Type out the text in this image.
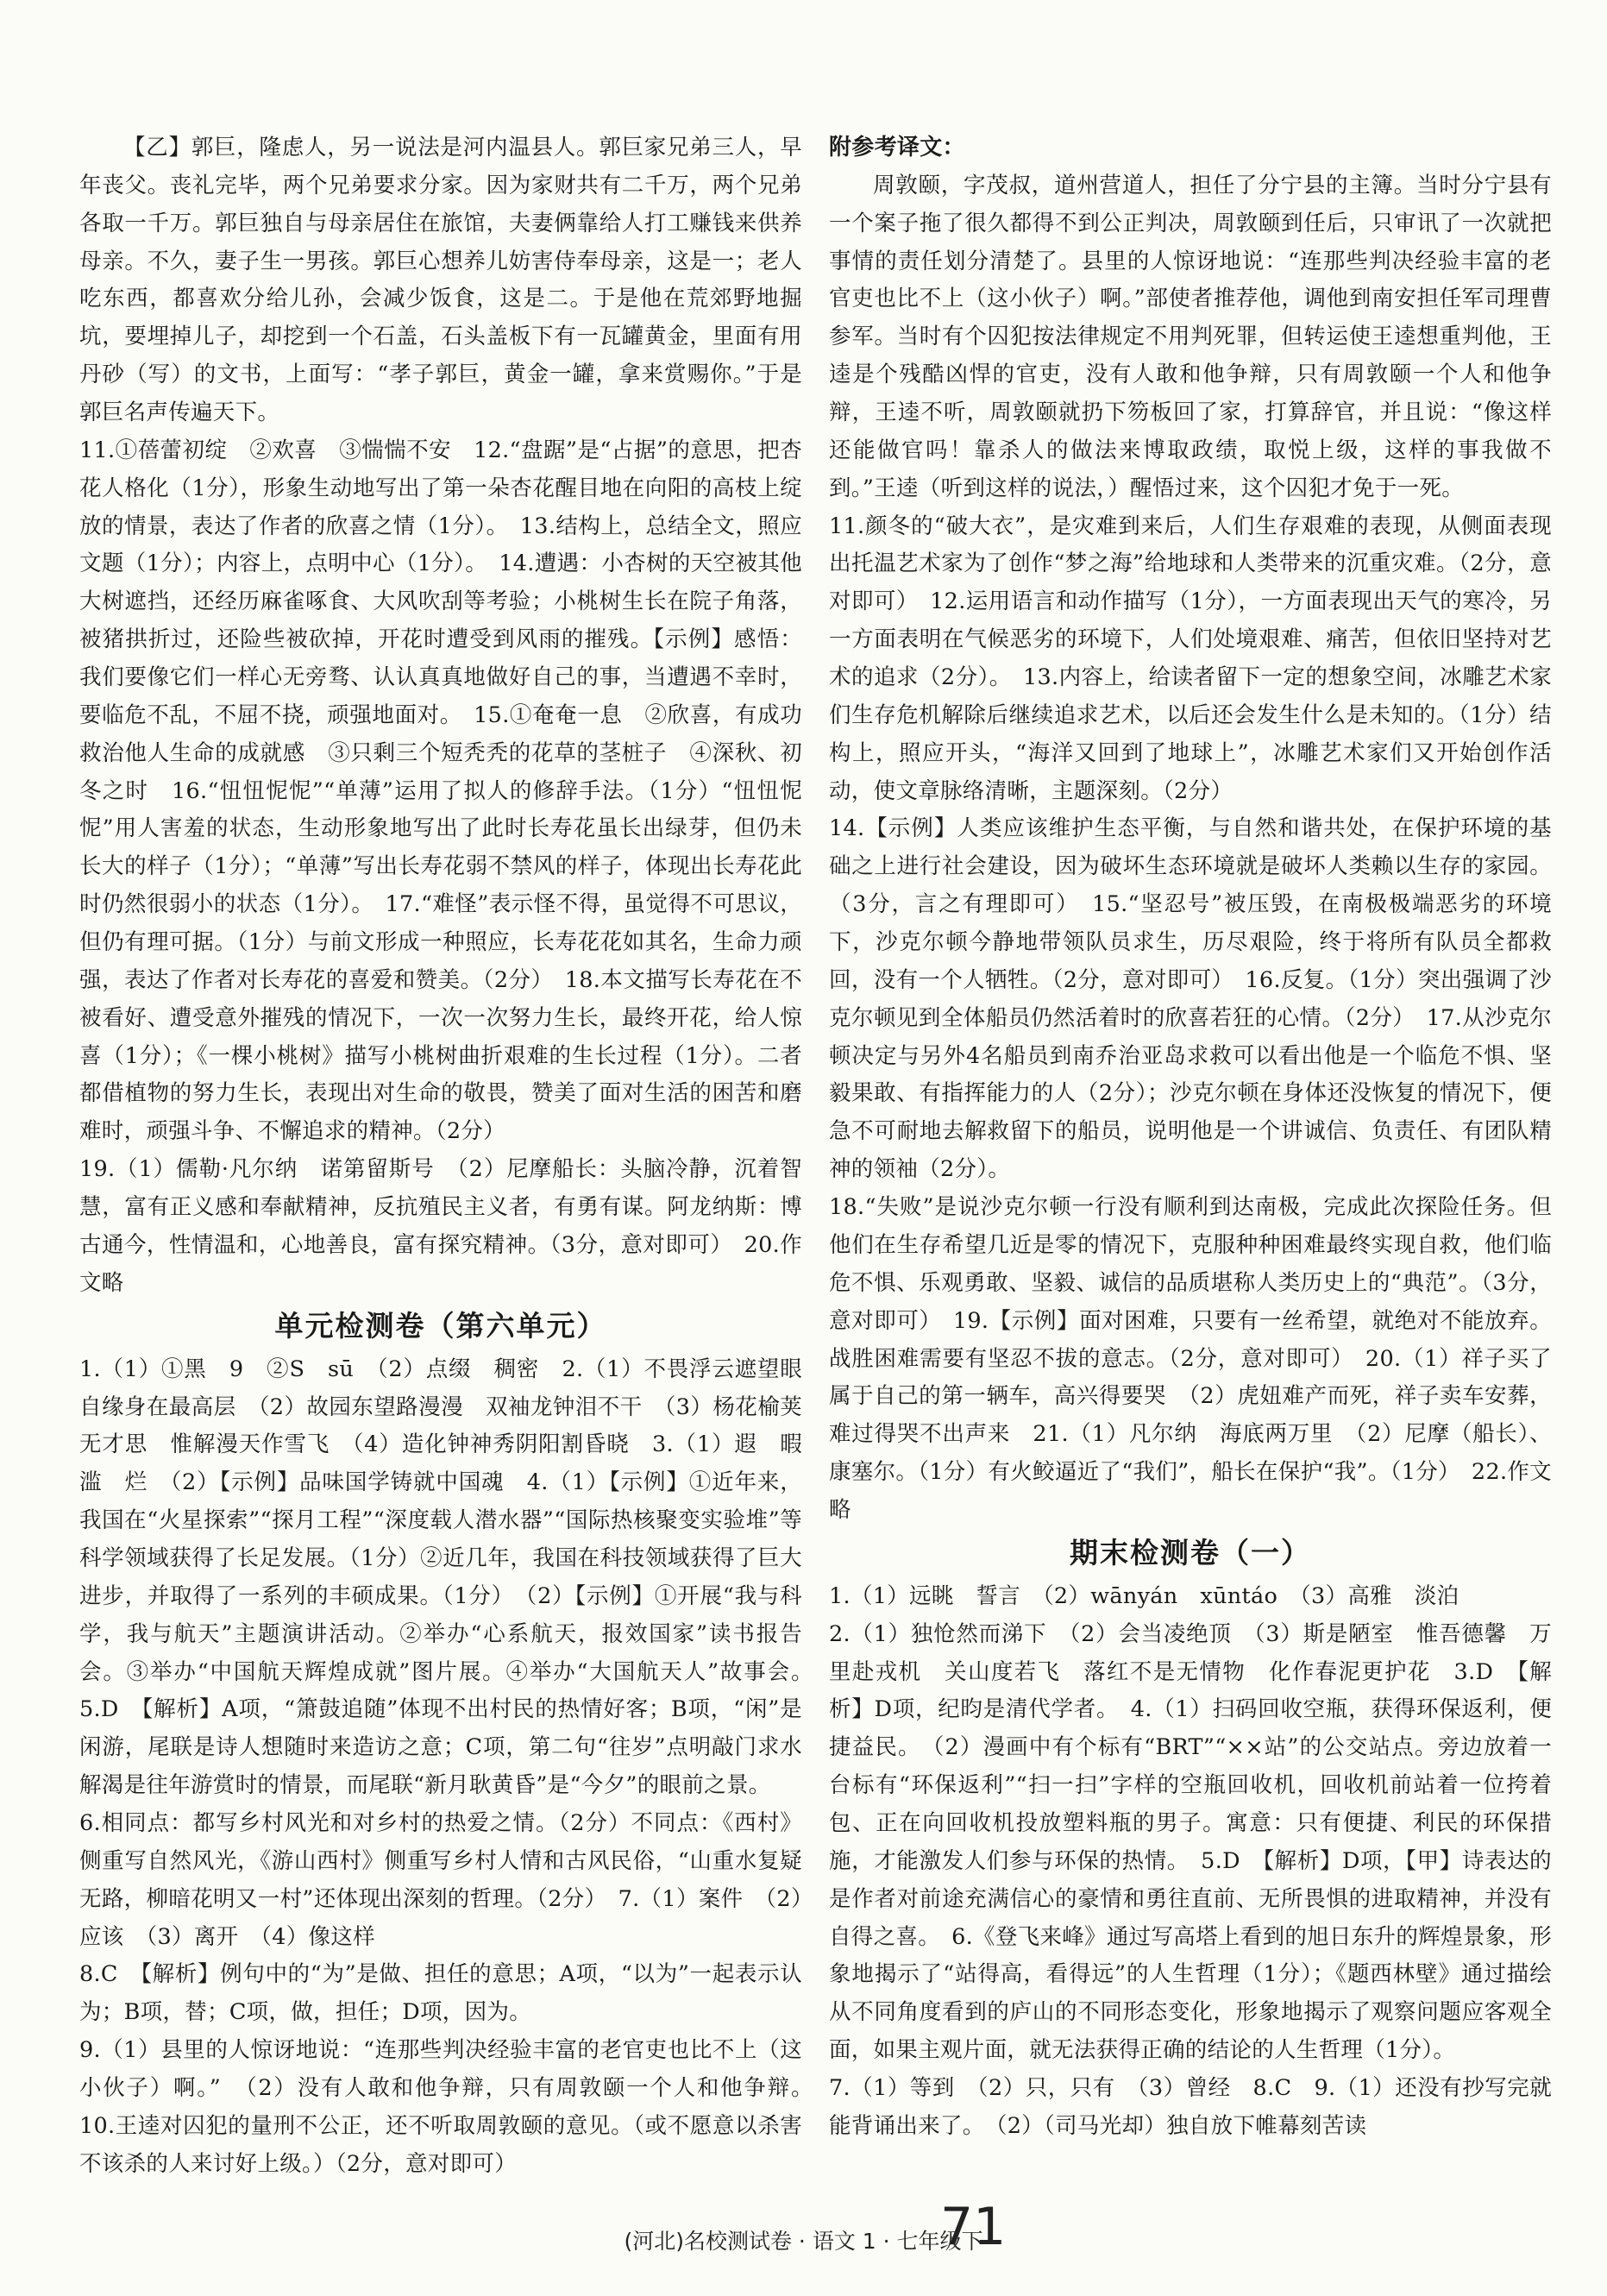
【乙】郭巨，隆虑人，另一说法是河内温县人。郭巨家兄弟三人，早年丧父。丧礼完毕，两个兄弟要求分家。因为家财共有二千万，两个兄弟各取一千万。郭巨独自与母亲居住在旅馆，夫妻俩靠给人打工赚钱来供养母亲。不久，妻子生一男孩。郭巨心想养儿妨害侍奉母亲，这是一；老人吃东西，都喜欢分给儿孙，会减少饭食，这是二。于是他在荒郊野地掘坑，要埋掉儿子，却挖到一个石盖，石头盖板下有一瓦罐黄金，里面有用丹砂（写）的文书，上面写：“孝子郭巨，黄金一罐，拿来赏赐你。”于是郭巨名声传遍天下。

11.①蓓蕾初绽　②欢喜　③惴惴不安　12.“盘踞”是“占据”的意思，把杏花人格化（1分），形象生动地写出了第一朵杏花醒目地在向阳的高枝上绽放的情景，表达了作者的欣喜之情（1分）。　13.结构上，总结全文，照应文题（1分）；内容上，点明中心（1分）。　14.遭遇：小杏树的天空被其他大树遮挡，还经历麻雀啄食、大风吹刮等考验；小桃树生长在院子角落，被猪拱折过，还险些被砍掉，开花时遭受到风雨的摧残。【示例】感悟：我们要像它们一样心无旁骛、认认真真地做好自己的事，当遭遇不幸时，要临危不乱，不屈不挠，顽强地面对。　15.①奄奄一息　②欣喜，有成功救治他人生命的成就感　③只剩三个短秃秃的花草的茎桩子　④深秋、初冬之时　16.“忸忸怩怩”“单薄”运用了拟人的修辞手法。（1分）“忸忸怩怩”用人害羞的状态，生动形象地写出了此时长寿花虽长出绿芽，但仍未长大的样子（1分）；“单薄”写出长寿花弱不禁风的样子，体现出长寿花此时仍然很弱小的状态（1分）。　17.“难怪”表示怪不得，虽觉得不可思议，但仍有理可据。（1分）与前文形成一种照应，长寿花花如其名，生命力顽强，表达了作者对长寿花的喜爱和赞美。（2分）　18.本文描写长寿花在不被看好、遭受意外摧残的情况下，一次一次努力生长，最终开花，给人惊喜（1分）；《一棵小桃树》描写小桃树曲折艰难的生长过程（1分）。二者都借植物的努力生长，表现出对生命的敬畏，赞美了面对生活的困苦和磨难时，顽强斗争、不懈追求的精神。（2分）

19.（1）儒勒·凡尔纳　诺第留斯号　（2）尼摩船长：头脑冷静，沉着智慧，富有正义感和奉献精神，反抗殖民主义者，有勇有谋。阿龙纳斯：博古通今，性情温和，心地善良，富有探究精神。（3分，意对即可）　20.作文略

单元检测卷（第六单元）

1.（1）①黑　9　②S　sū　（2）点缀　稠密　2.（1）不畏浮云遮望眼　自缘身在最高层　（2）故园东望路漫漫　双袖龙钟泪不干　（3）杨花榆荚无才思　惟解漫天作雪飞　（4）造化钟神秀阴阳割昏晓　3.（1）遐　暇　滥　烂　（2）【示例】品味国学铸就中国魂　4.（1）【示例】①近年来，我国在“火星探索”“探月工程”“深度载人潜水器”“国际热核聚变实验堆”等科学领域获得了长足发展。（1分）②近几年，我国在科技领域获得了巨大进步，并取得了一系列的丰硕成果。（1分）　（2）【示例】①开展“我与科学，我与航天”主题演讲活动。②举办“心系航天，报效国家”读书报告会。③举办“中国航天辉煌成就”图片展。④举办“大国航天人”故事会。　5.D　【解析】A项，“箫鼓追随”体现不出村民的热情好客；B项，“闲”是闲游，尾联是诗人想随时来造访之意；C项，第二句“往岁”点明敲门求水解渴是往年游赏时的情景，而尾联“新月耿黄昏”是“今夕”的眼前之景。

6.相同点：都写乡村风光和对乡村的热爱之情。（2分）不同点：《西村》侧重写自然风光，《游山西村》侧重写乡村人情和古风民俗，“山重水复疑无路，柳暗花明又一村”还体现出深刻的哲理。（2分）　7.（1）案件　（2）应该　（3）离开　（4）像这样

8.C　【解析】例句中的“为”是做、担任的意思；A项，“以为”一起表示认为；B项，替；C项，做，担任；D项，因为。

9.（1）县里的人惊讶地说：“连那些判决经验丰富的老官吏也比不上（这小伙子）啊。”　（2）没有人敢和他争辩，只有周敦颐一个人和他争辩。　10.王逵对囚犯的量刑不公正，还不听取周敦颐的意见。（或不愿意以杀害不该杀的人来讨好上级。）（2分，意对即可）

附参考译文：

周敦颐，字茂叔，道州营道人，担任了分宁县的主簿。当时分宁县有一个案子拖了很久都得不到公正判决，周敦颐到任后，只审讯了一次就把事情的责任划分清楚了。县里的人惊讶地说：“连那些判决经验丰富的老官吏也比不上（这小伙子）啊。”部使者推荐他，调他到南安担任军司理曹参军。当时有个囚犯按法律规定不用判死罪，但转运使王逵想重判他，王逵是个残酷凶悍的官吏，没有人敢和他争辩，只有周敦颐一个人和他争辩，王逵不听，周敦颐就扔下笏板回了家，打算辞官，并且说：“像这样还能做官吗！靠杀人的做法来博取政绩，取悦上级，这样的事我做不到。”王逵（听到这样的说法，）醒悟过来，这个囚犯才免于一死。

11.颜冬的“破大衣”，是灾难到来后，人们生存艰难的表现，从侧面表现出托温艺术家为了创作“梦之海”给地球和人类带来的沉重灾难。（2分，意对即可）　12.运用语言和动作描写（1分），一方面表现出天气的寒冷，另一方面表明在气候恶劣的环境下，人们处境艰难、痛苦，但依旧坚持对艺术的追求（2分）。　13.内容上，给读者留下一定的想象空间，冰雕艺术家们生存危机解除后继续追求艺术，以后还会发生什么是未知的。（1分）结构上，照应开头，“海洋又回到了地球上”，冰雕艺术家们又开始创作活动，使文章脉络清晰，主题深刻。（2分）

14.【示例】人类应该维护生态平衡，与自然和谐共处，在保护环境的基础之上进行社会建设，因为破坏生态环境就是破坏人类赖以生存的家园。（3分，言之有理即可）　15.“坚忍号”被压毁，在南极极端恶劣的环境下，沙克尔顿今静地带领队员求生，历尽艰险，终于将所有队员全都救回，没有一个人牺牲。（2分，意对即可）　16.反复。（1分）突出强调了沙克尔顿见到全体船员仍然活着时的欣喜若狂的心情。（2分）　17.从沙克尔顿决定与另外4名船员到南乔治亚岛求救可以看出他是一个临危不惧、坚毅果敢、有指挥能力的人（2分）；沙克尔顿在身体还没恢复的情况下，便急不可耐地去解救留下的船员，说明他是一个讲诚信、负责任、有团队精神的领袖（2分）。

18.“失败”是说沙克尔顿一行没有顺利到达南极，完成此次探险任务。但他们在生存希望几近是零的情况下，克服种种困难最终实现自救，他们临危不惧、乐观勇敢、坚毅、诚信的品质堪称人类历史上的“典范”。（3分，意对即可）　19.【示例】面对困难，只要有一丝希望，就绝对不能放弃。战胜困难需要有坚忍不拔的意志。（2分，意对即可）　20.（1）祥子买了属于自己的第一辆车，高兴得要哭　（2）虎妞难产而死，祥子卖车安葬，难过得哭不出声来　21.（1）凡尔纳　海底两万里　（2）尼摩（船长）、康塞尔。（1分）有火鲛逼近了“我们”，船长在保护“我”。（1分）　22.作文略

期末检测卷（一）

1.（1）远眺　誓言　（2）wānyán　xūntáo　（3）高雅　淡泊

2.（1）独怆然而涕下　（2）会当凌绝顶　（3）斯是陋室　惟吾德馨　万里赴戎机　关山度若飞　落红不是无情物　化作春泥更护花　3.D　【解析】D项，纪昀是清代学者。　4.（1）扫码回收空瓶，获得环保返利，便捷益民。　（2）漫画中有个标有“BRT”“××站”的公交站点。旁边放着一台标有“环保返利”“扫一扫”字样的空瓶回收机，回收机前站着一位挎着包、正在向回收机投放塑料瓶的男子。寓意：只有便捷、利民的环保措施，才能激发人们参与环保的热情。　5.D　【解析】D项，【甲】诗表达的是作者对前途充满信心的豪情和勇往直前、无所畏惧的进取精神，并没有自得之喜。　6.《登飞来峰》通过写高塔上看到的旭日东升的辉煌景象，形象地揭示了“站得高，看得远”的人生哲理（1分）；《题西林壁》通过描绘从不同角度看到的庐山的不同形态变化，形象地揭示了观察问题应客观全面，如果主观片面，就无法获得正确的结论的人生哲理（1分）。

7.（1）等到　（2）只，只有　（3）曾经　8.C　9.（1）还没有抄写完就能背诵出来了。　（2）（司马光却）独自放下帷幕刻苦读

(河北)名校测试卷 · 语文 1 · 七年级下
71
